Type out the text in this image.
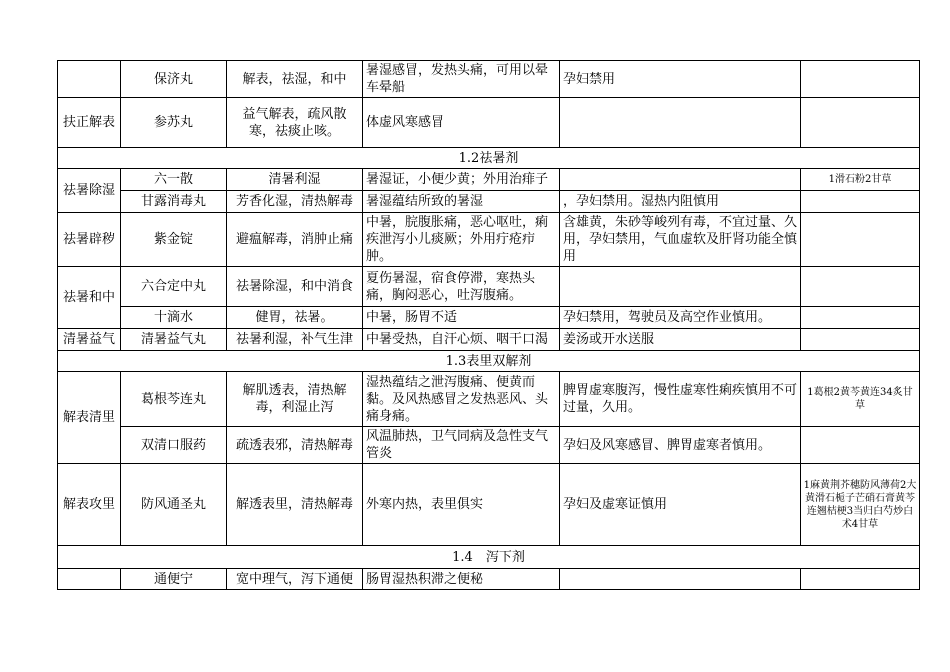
	保济丸	解表，祛湿，和中	暑湿感冒，发热头痛，可用以晕车晕船	孕妇禁用	
扶正解表	参苏丸	益气解表，疏风散寒，祛痰止咳。	体虚风寒感冒		
1.2祛暑剂					
祛暑除湿	六一散	清暑利湿	暑湿证，小便少黄；外用治痱子		1滑石粉2甘草
	甘露消毒丸	芳香化湿，清热解毒	暑湿蕴结所致的暑湿	，孕妇禁用。湿热内阻慎用	
祛暑辟秽	紫金锭	避瘟解毒，消肿止痛	中暑，脘腹胀痛，恶心呕吐，痢疾泄泻小儿痰厥；外用疔疮疖肿。	含雄黄，朱砂等峻列有毒，不宜过量、久用，孕妇禁用，气血虚软及肝肾功能全慎用	
祛暑和中	六合定中丸	祛暑除湿，和中消食	夏伤暑湿，宿食停滞，寒热头痛，胸闷恶心，吐泻腹痛。		
	十滴水	健胃，祛暑。	中暑，肠胃不适	孕妇禁用，驾驶员及高空作业慎用。	
清暑益气	清暑益气丸	祛暑利湿，补气生津	中暑受热，自汗心烦、咽干口渴	姜汤或开水送服	
1.3表里双解剂					
解表清里	葛根芩连丸	解肌透表，清热解毒，利湿止泻	湿热蕴结之泄泻腹痛、便黄而黏。及风热感冒之发热恶风、头痛身痛。	脾胃虚寒腹泻，慢性虚寒性痢疾慎用不可过量，久用。	1葛根2黄芩黄连34炙甘草
	双清口服药	疏透表邪，清热解毒	风温肺热，卫气同病及急性支气管炎	孕妇及风寒感冒、脾胃虚寒者慎用。	
解表攻里	防风通圣丸	解透表里，清热解毒	外寒内热，表里俱实	孕妇及虚寒证慎用	1麻黄荆芥穗防风薄荷2大黄滑石栀子芒硝石膏黄芩连翘桔梗3当归白芍炒白术4甘草
1.4　泻下剂					
	通便宁	宽中理气，泻下通便	肠胃湿热积滞之便秘		
